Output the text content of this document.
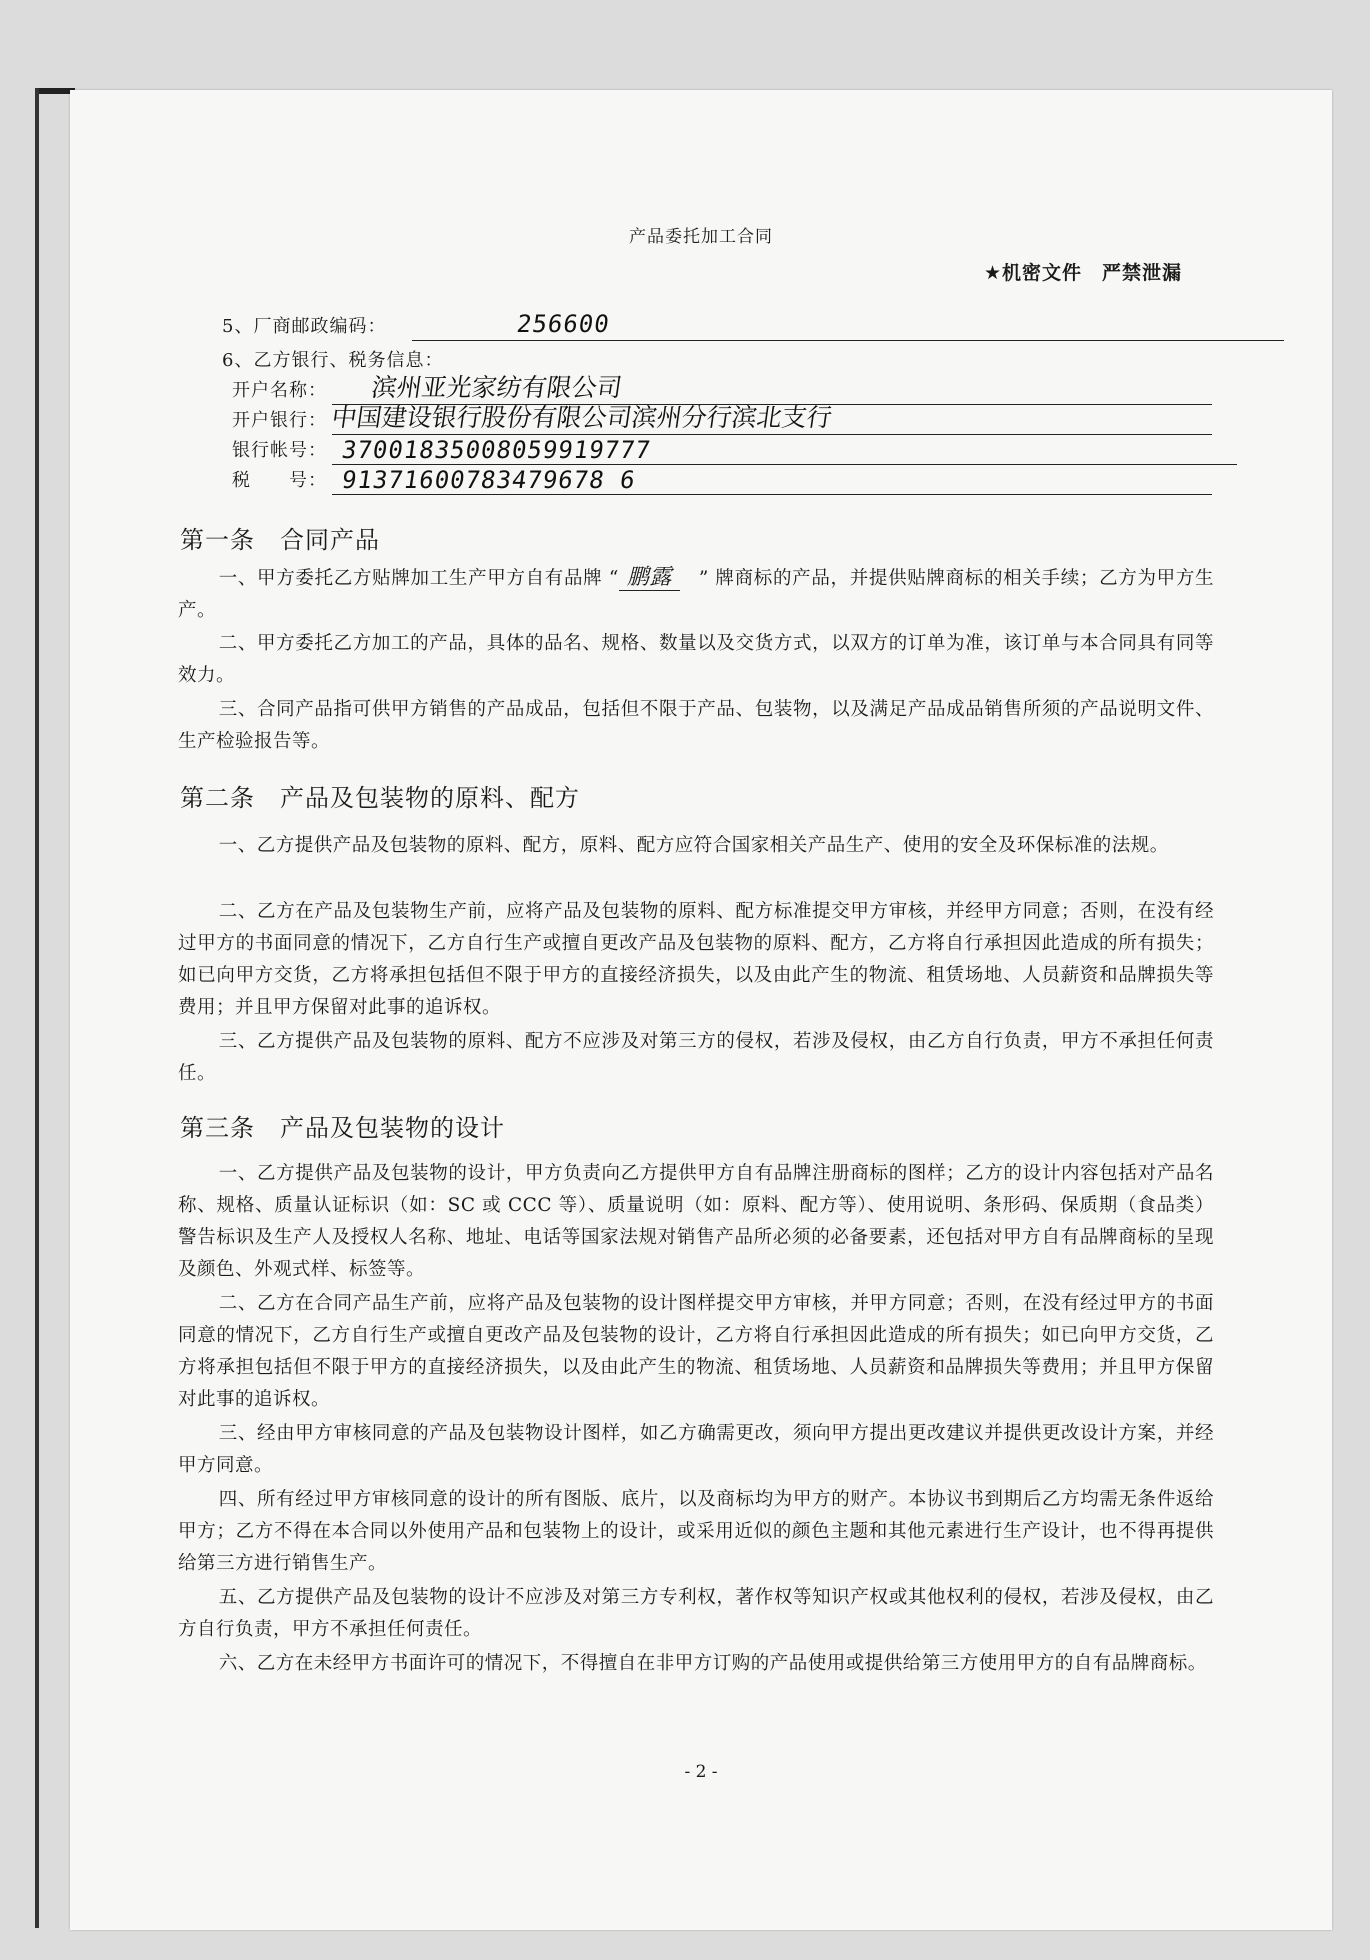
产品委托加工合同
★机密文件　严禁泄漏
5、厂商邮政编码：	256600
6、乙方银行、税务信息：
开户名称： 滨州亚光家纺有限公司
开户银行： 中国建设银行股份有限公司滨州分行滨北支行
银行帐号： 37001835008059919777
税　　号： 91371600783479678 6
第一条　合同产品
一、甲方委托乙方贴牌加工生产甲方自有品牌 “ 鹏露 ” 牌商标的产品，并提供贴牌商标的相关手续；乙方为甲方生产。
二、甲方委托乙方加工的产品，具体的品名、规格、数量以及交货方式，以双方的订单为准，该订单与本合同具有同等效力。
三、合同产品指可供甲方销售的产品成品，包括但不限于产品、包装物，以及满足产品成品销售所须的产品说明文件、生产检验报告等。
第二条　产品及包装物的原料、配方
一、乙方提供产品及包装物的原料、配方，原料、配方应符合国家相关产品生产、使用的安全及环保标准的法规。
二、乙方在产品及包装物生产前，应将产品及包装物的原料、配方标准提交甲方审核，并经甲方同意；否则，在没有经过甲方的书面同意的情况下，乙方自行生产或擅自更改产品及包装物的原料、配方，乙方将自行承担因此造成的所有损失；如已向甲方交货，乙方将承担包括但不限于甲方的直接经济损失，以及由此产生的物流、租赁场地、人员薪资和品牌损失等费用；并且甲方保留对此事的追诉权。
三、乙方提供产品及包装物的原料、配方不应涉及对第三方的侵权，若涉及侵权，由乙方自行负责，甲方不承担任何责任。
第三条　产品及包装物的设计
一、乙方提供产品及包装物的设计，甲方负责向乙方提供甲方自有品牌注册商标的图样；乙方的设计内容包括对产品名称、规格、质量认证标识（如：SC 或 CCC 等）、质量说明（如：原料、配方等）、使用说明、条形码、保质期（食品类）警告标识及生产人及授权人名称、地址、电话等国家法规对销售产品所必须的必备要素，还包括对甲方自有品牌商标的呈现及颜色、外观式样、标签等。
二、乙方在合同产品生产前，应将产品及包装物的设计图样提交甲方审核，并甲方同意；否则，在没有经过甲方的书面同意的情况下，乙方自行生产或擅自更改产品及包装物的设计，乙方将自行承担因此造成的所有损失；如已向甲方交货，乙方将承担包括但不限于甲方的直接经济损失，以及由此产生的物流、租赁场地、人员薪资和品牌损失等费用；并且甲方保留对此事的追诉权。
三、经由甲方审核同意的产品及包装物设计图样，如乙方确需更改，须向甲方提出更改建议并提供更改设计方案，并经甲方同意。
四、所有经过甲方审核同意的设计的所有图版、底片，以及商标均为甲方的财产。本协议书到期后乙方均需无条件返给甲方；乙方不得在本合同以外使用产品和包装物上的设计，或采用近似的颜色主题和其他元素进行生产设计，也不得再提供给第三方进行销售生产。
五、乙方提供产品及包装物的设计不应涉及对第三方专利权，著作权等知识产权或其他权利的侵权，若涉及侵权，由乙方自行负责，甲方不承担任何责任。
六、乙方在未经甲方书面许可的情况下，不得擅自在非甲方订购的产品使用或提供给第三方使用甲方的自有品牌商标。
- 2 -
